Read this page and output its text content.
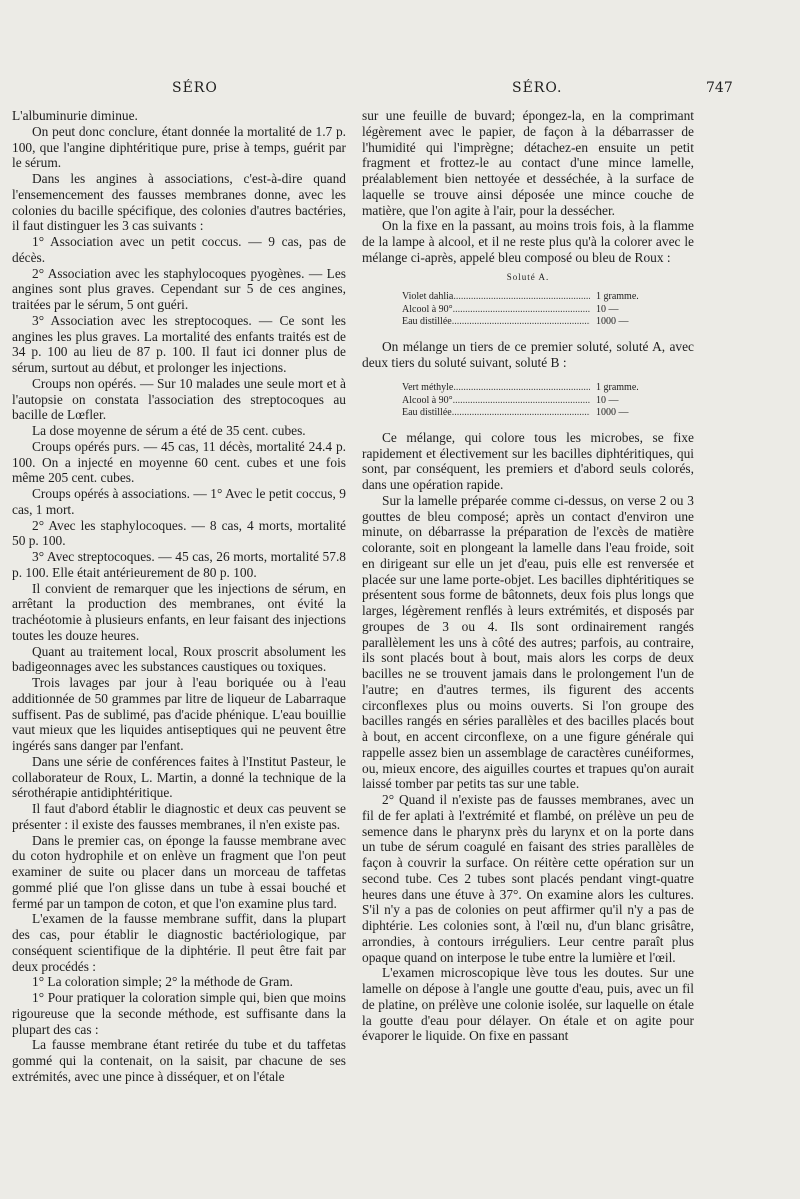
SÉRO	SÉRO.	747

L'albuminurie diminue.

On peut donc conclure, étant donnée la mortalité de 1.7 p. 100, que l'angine diphtéritique pure, prise à temps, guérit par le sérum.

Dans les angines à associations, c'est-à-dire quand l'ensemencement des fausses membranes donne, avec les colonies du bacille spécifique, des colonies d'autres bactéries, il faut distinguer les 3 cas suivants :

1° Association avec un petit coccus. — 9 cas, pas de décès.

2° Association avec les staphylocoques pyogènes. — Les angines sont plus graves. Cependant sur 5 de ces angines, traitées par le sérum, 5 ont guéri.

3° Association avec les streptocoques. — Ce sont les angines les plus graves. La mortalité des enfants traités est de 34 p. 100 au lieu de 87 p. 100. Il faut ici donner plus de sérum, surtout au début, et prolonger les injections.

Croups non opérés. — Sur 10 malades une seule mort et à l'autopsie on constata l'association des streptocoques au bacille de Lœfler.

La dose moyenne de sérum a été de 35 cent. cubes.

Croups opérés purs. — 45 cas, 11 décès, mortalité 24.4 p. 100. On a injecté en moyenne 60 cent. cubes et une fois même 205 cent. cubes.

Croups opérés à associations. — 1° Avec le petit coccus, 9 cas, 1 mort.

2° Avec les staphylocoques. — 8 cas, 4 morts, mortalité 50 p. 100.

3° Avec streptocoques. — 45 cas, 26 morts, mortalité 57.8 p. 100. Elle était antérieurement de 80 p. 100.

Il convient de remarquer que les injections de sérum, en arrêtant la production des membranes, ont évité la trachéotomie à plusieurs enfants, en leur faisant des injections toutes les douze heures.

Quant au traitement local, Roux proscrit absolument les badigeonnages avec les substances caustiques ou toxiques.

Trois lavages par jour à l'eau boriquée ou à l'eau additionnée de 50 grammes par litre de liqueur de Labarraque suffisent. Pas de sublimé, pas d'acide phénique. L'eau bouillie vaut mieux que les liquides antiseptiques qui ne peuvent être ingérés sans danger par l'enfant.

Dans une série de conférences faites à l'Institut Pasteur, le collaborateur de Roux, L. Martin, a donné la technique de la sérothérapie antidiphtéritique.

Il faut d'abord établir le diagnostic et deux cas peuvent se présenter : il existe des fausses membranes, il n'en existe pas.

Dans le premier cas, on éponge la fausse membrane avec du coton hydrophile et on enlève un fragment que l'on peut examiner de suite ou placer dans un morceau de taffetas gommé plié que l'on glisse dans un tube à essai bouché et fermé par un tampon de coton, et que l'on examine plus tard.

L'examen de la fausse membrane suffit, dans la plupart des cas, pour établir le diagnostic bactériologique, par conséquent scientifique de la diphtérie. Il peut être fait par deux procédés :

1° La coloration simple; 2° la méthode de Gram.

1° Pour pratiquer la coloration simple qui, bien que moins rigoureuse que la seconde méthode, est suffisante dans la plupart des cas :

La fausse membrane étant retirée du tube et du taffetas gommé qui la contenait, on la saisit, par chacune de ses extrémités, avec une pince à disséquer, et on l'étale

sur une feuille de buvard; épongez-la, en la comprimant légèrement avec le papier, de façon à la débarrasser de l'humidité qui l'imprègne; détachez-en ensuite un petit fragment et frottez-le au contact d'une mince lamelle, préalablement bien nettoyée et desséchée, à la surface de laquelle se trouve ainsi déposée une mince couche de matière, que l'on agite à l'air, pour la dessécher.

On la fixe en la passant, au moins trois fois, à la flamme de la lampe à alcool, et il ne reste plus qu'à la colorer avec le mélange ci-après, appelé bleu composé ou bleu de Roux :

Soluté A.
Violet dahlia .....	1 gramme.
Alcool à 90° .....	10 —
Eau distillée .....	1000 —

On mélange un tiers de ce premier soluté, soluté A, avec deux tiers du soluté suivant, soluté B :

Vert méthyle .....	1 gramme.
Alcool à 90° .....	10 —
Eau distillée .....	1000 —

Ce mélange, qui colore tous les microbes, se fixe rapidement et électivement sur les bacilles diphtéritiques, qui sont, par conséquent, les premiers et d'abord seuls colorés, dans une opération rapide.

Sur la lamelle préparée comme ci-dessus, on verse 2 ou 3 gouttes de bleu composé; après un contact d'environ une minute, on débarrasse la préparation de l'excès de matière colorante, soit en plongeant la lamelle dans l'eau froide, soit en dirigeant sur elle un jet d'eau, puis elle est renversée et placée sur une lame porte-objet. Les bacilles diphtéritiques se présentent sous forme de bâtonnets, deux fois plus longs que larges, légèrement renflés à leurs extrémités, et disposés par groupes de 3 ou 4. Ils sont ordinairement rangés parallèlement les uns à côté des autres; parfois, au contraire, ils sont placés bout à bout, mais alors les corps de deux bacilles ne se trouvent jamais dans le prolongement l'un de l'autre; en d'autres termes, ils figurent des accents circonflexes plus ou moins ouverts. Si l'on groupe des bacilles rangés en séries parallèles et des bacilles placés bout à bout, en accent circonflexe, on a une figure générale qui rappelle assez bien un assemblage de caractères cunéiformes, ou, mieux encore, des aiguilles courtes et trapues qu'on aurait laissé tomber par petits tas sur une table.

2° Quand il n'existe pas de fausses membranes, avec un fil de fer aplati à l'extrémité et flambé, on prélève un peu de semence dans le pharynx près du larynx et on la porte dans un tube de sérum coagulé en faisant des stries parallèles de façon à couvrir la surface. On réitère cette opération sur un second tube. Ces 2 tubes sont placés pendant vingt-quatre heures dans une étuve à 37°. On examine alors les cultures. S'il n'y a pas de colonies on peut affirmer qu'il n'y a pas de diphtérie. Les colonies sont, à l'œil nu, d'un blanc grisâtre, arrondies, à contours irréguliers. Leur centre paraît plus opaque quand on interpose le tube entre la lumière et l'œil.

L'examen microscopique lève tous les doutes. Sur une lamelle on dépose à l'angle une goutte d'eau, puis, avec un fil de platine, on prélève une colonie isolée, sur laquelle on étale la goutte d'eau pour délayer. On étale et on agite pour évaporer le liquide. On fixe en passant
